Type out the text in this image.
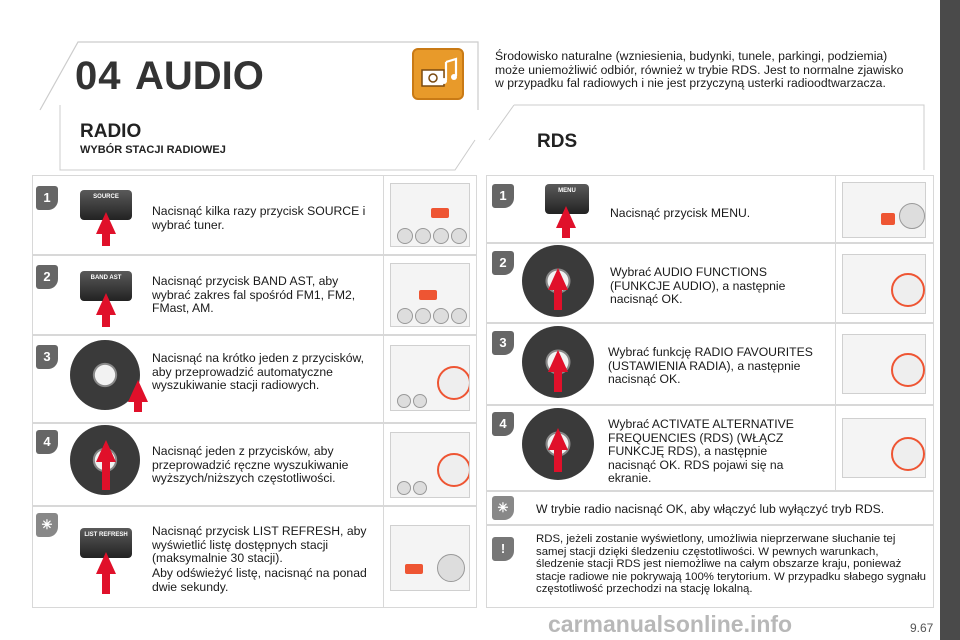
04 AUDIO	Środowisko naturalne (wzniesienia, budynki, tunele, parkingi, podziemia) może uniemożliwić odbiór, również w trybie RDS. Jest to normalne zjawisko w przypadku fal radiowych i nie jest przyczyną usterki radioodtwarzacza.
RADIO
WYBÓR STACJI RADIOWEJ	RDS
1	SOURCE
Nacisnąć kilka razy przycisk SOURCE i wybrać tuner.
2	BAND AST	Nacisnąć przycisk BAND AST, aby wybrać zakres fal spośród FM1, FM2, FMast, AM.
3	Nacisnąć na krótko jeden z przycisków, aby przeprowadzić automatyczne wyszukiwanie stacji radiowych.
4
Nacisnąć jeden z przycisków, aby przeprowadzić ręczne wyszukiwanie wyższych/niższych częstotliwości.
✳
LIST REFRESH	Nacisnąć przycisk LIST REFRESH, aby wyświetlić listę dostępnych stacji (maksymalnie 30 stacji).
Aby odświeżyć listę, nacisnąć na ponad dwie sekundy.
1	MENU
Nacisnąć przycisk MENU.
2
Wybrać AUDIO FUNCTIONS (FUNKCJE AUDIO), a następnie nacisnąć OK.
3
Wybrać funkcję RADIO FAVOURITES (USTAWIENIA RADIA), a następnie nacisnąć OK.
4	Wybrać ACTIVATE ALTERNATIVE FREQUENCIES (RDS) (WŁĄCZ FUNKCJĘ RDS), a następnie nacisnąć OK. RDS pojawi się na ekranie.
✳	W trybie radio nacisnąć OK, aby włączyć lub wyłączyć tryb RDS.
!
RDS, jeżeli zostanie wyświetlony, umożliwia nieprzerwane słuchanie tej samej stacji dzięki śledzeniu częstotliwości. W pewnych warunkach, śledzenie stacji RDS jest niemożliwe na całym obszarze kraju, ponieważ stacje radiowe nie pokrywają 100% terytorium. W przypadku słabego sygnału częstotliwość przechodzi na stację lokalną.
carmanualsonline.info	9.67
